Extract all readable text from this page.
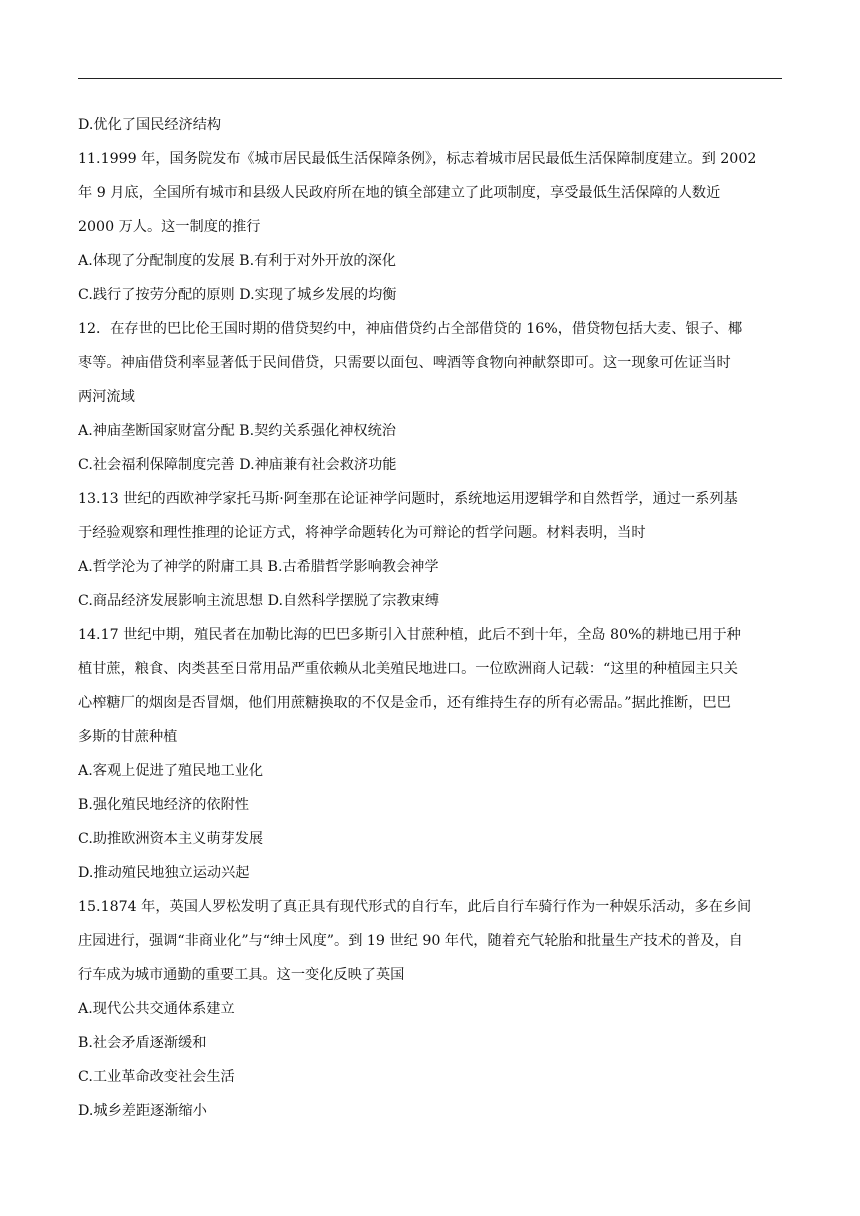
D.优化了国民经济结构
11.1999 年，国务院发布《城市居民最低生活保障条例》，标志着城市居民最低生活保障制度建立。到 2002
年 9 月底，全国所有城市和县级人民政府所在地的镇全部建立了此项制度，享受最低生活保障的人数近
2000 万人。这一制度的推行
A.体现了分配制度的发展 B.有利于对外开放的深化
C.践行了按劳分配的原则 D.实现了城乡发展的均衡
12．在存世的巴比伦王国时期的借贷契约中，神庙借贷约占全部借贷的 16%，借贷物包括大麦、银子、椰
枣等。神庙借贷利率显著低于民间借贷，只需要以面包、啤酒等食物向神献祭即可。这一现象可佐证当时
两河流域
A.神庙垄断国家财富分配 B.契约关系强化神权统治
C.社会福利保障制度完善 D.神庙兼有社会救济功能
13.13 世纪的西欧神学家托马斯·阿奎那在论证神学问题时，系统地运用逻辑学和自然哲学，通过一系列基
于经验观察和理性推理的论证方式，将神学命题转化为可辩论的哲学问题。材料表明，当时
A.哲学沦为了神学的附庸工具 B.古希腊哲学影响教会神学
C.商品经济发展影响主流思想 D.自然科学摆脱了宗教束缚
14.17 世纪中期，殖民者在加勒比海的巴巴多斯引入甘蔗种植，此后不到十年，全岛 80%的耕地已用于种
植甘蔗，粮食、肉类甚至日常用品严重依赖从北美殖民地进口。一位欧洲商人记载：“这里的种植园主只关
心榨糖厂的烟囱是否冒烟，他们用蔗糖换取的不仅是金币，还有维持生存的所有必需品。”据此推断，巴巴
多斯的甘蔗种植
A.客观上促进了殖民地工业化
B.强化殖民地经济的依附性
C.助推欧洲资本主义萌芽发展
D.推动殖民地独立运动兴起
15.1874 年，英国人罗松发明了真正具有现代形式的自行车，此后自行车骑行作为一种娱乐活动，多在乡间
庄园进行，强调“非商业化”与“绅士风度”。到 19 世纪 90 年代，随着充气轮胎和批量生产技术的普及，自
行车成为城市通勤的重要工具。这一变化反映了英国
A.现代公共交通体系建立
B.社会矛盾逐渐缓和
C.工业革命改变社会生活
D.城乡差距逐渐缩小
